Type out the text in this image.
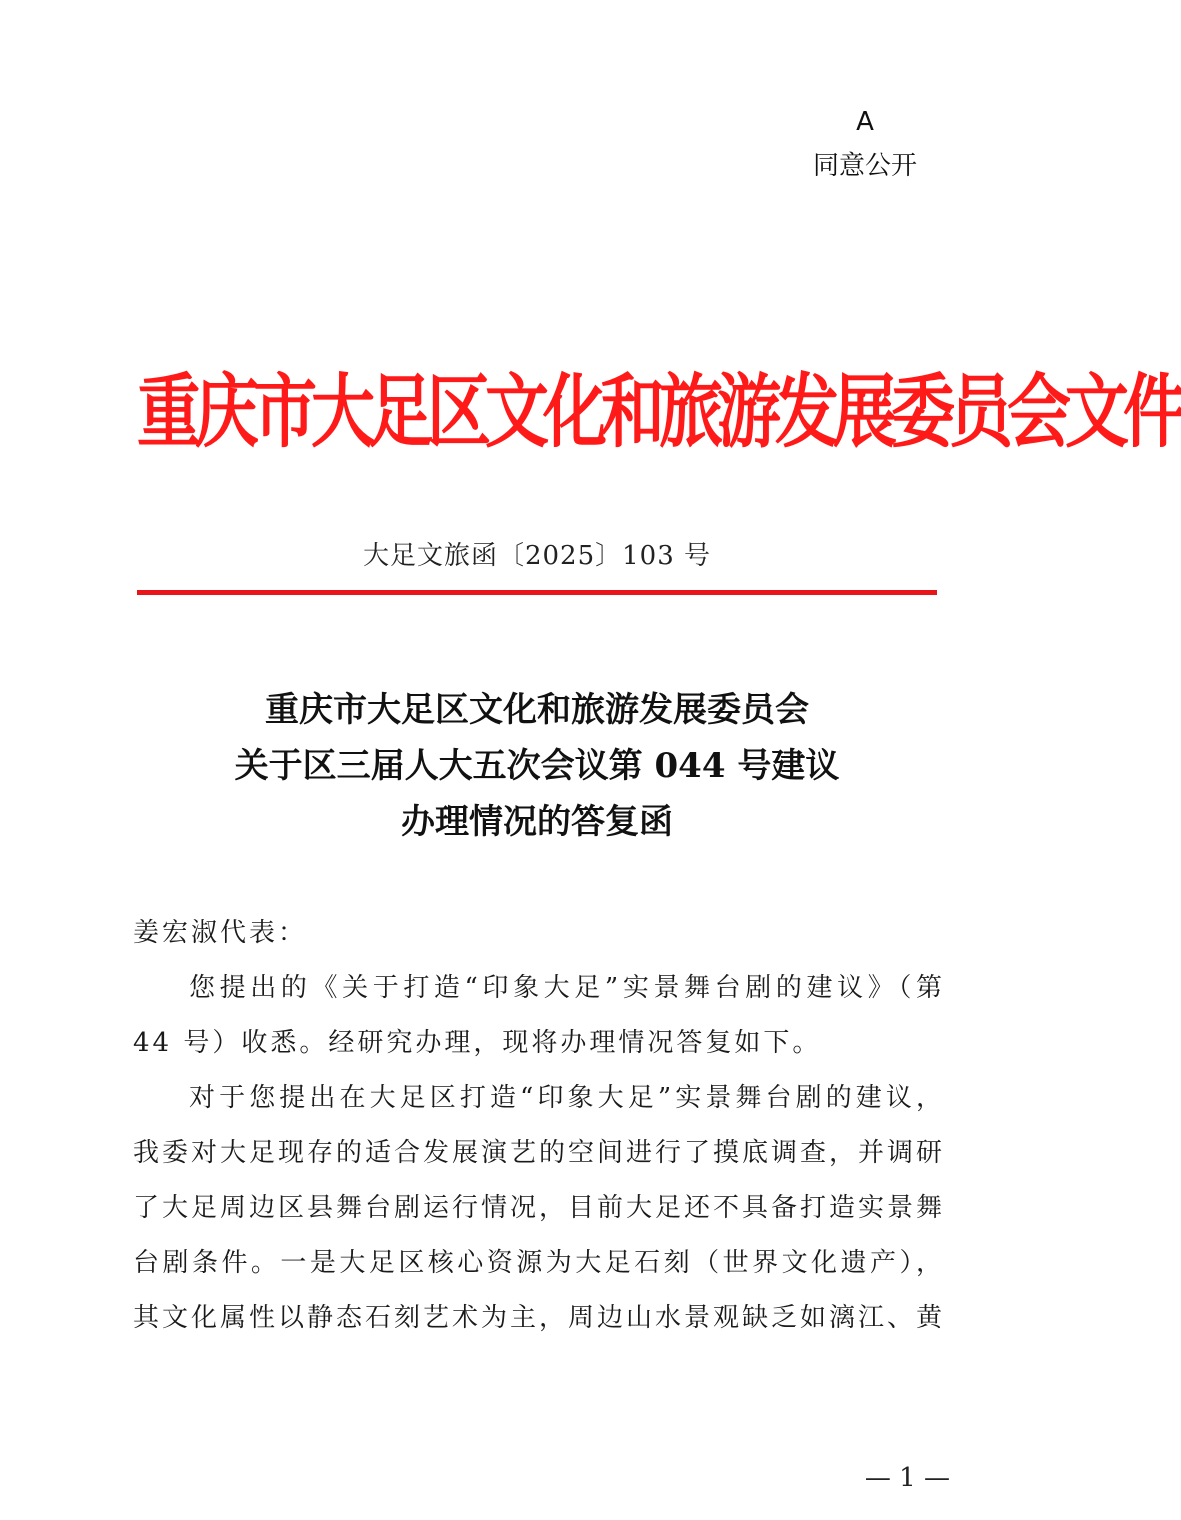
A
同意公开
重庆市大足区文化和旅游发展委员会文件
大足文旅函〔2025〕103 号
重庆市大足区文化和旅游发展委员会
关于区三届人大五次会议第 044 号建议
办理情况的答复函

姜宏淑代表：

您提出的《关于打造“印象大足”实景舞台剧的建议》（第 44 号）收悉。经研究办理，现将办理情况答复如下。

对于您提出在大足区打造“印象大足”实景舞台剧的建议，我委对大足现存的适合发展演艺的空间进行了摸底调查，并调研了大足周边区县舞台剧运行情况，目前大足还不具备打造实景舞台剧条件。一是大足区核心资源为大足石刻（世界文化遗产），其文化属性以静态石刻艺术为主，周边山水景观缺乏如漓江、黄

— 1 —
